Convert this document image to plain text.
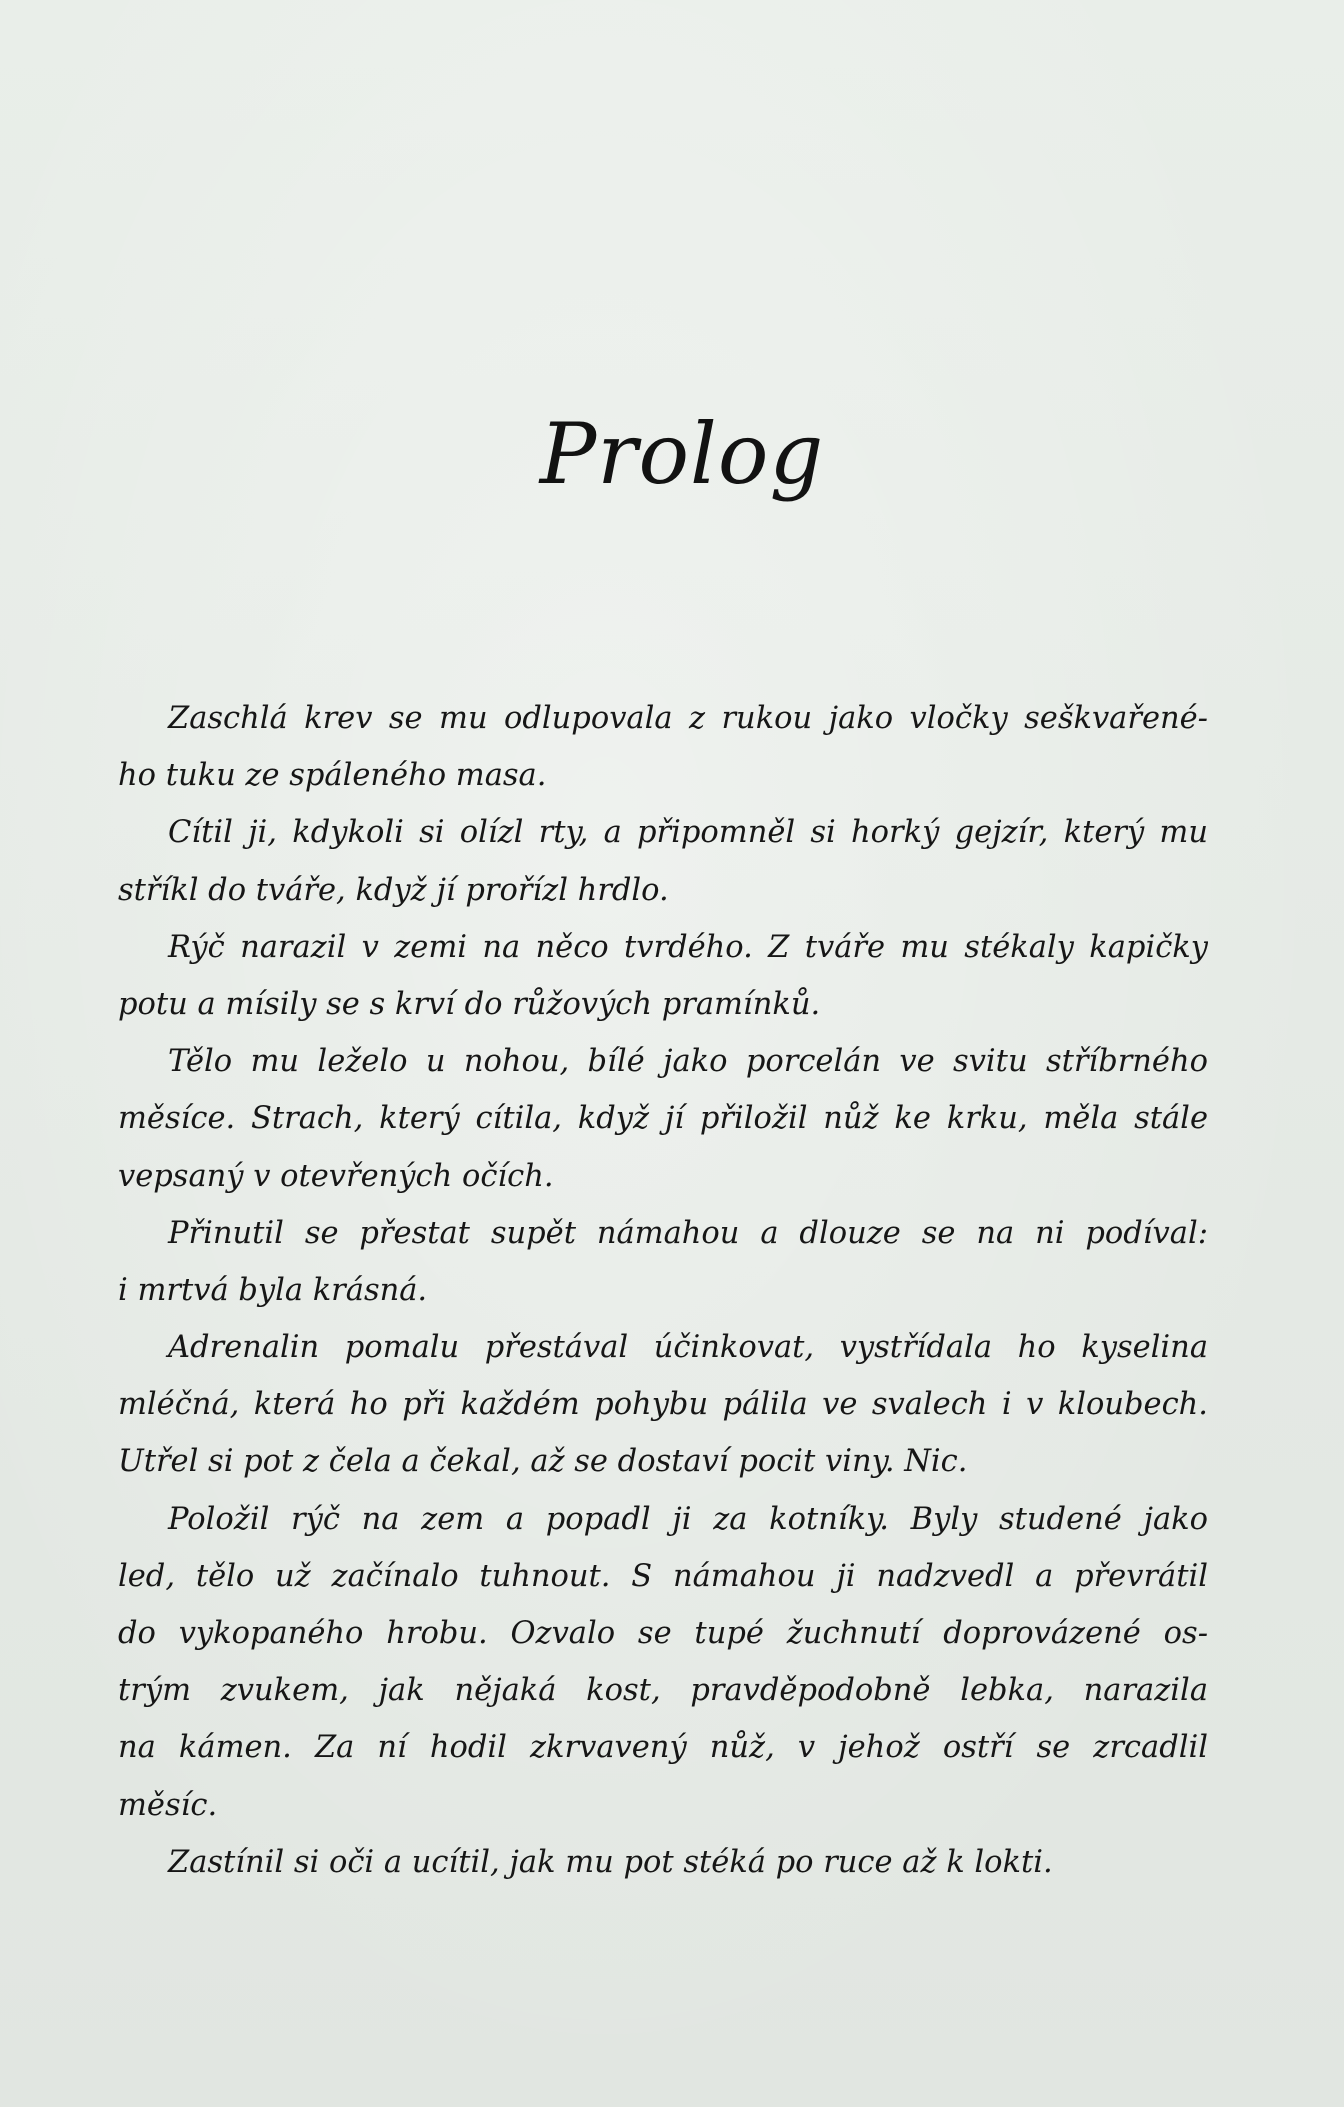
Prolog
Zaschlá krev se mu odlupovala z rukou jako vločky seškvařené-
ho tuku ze spáleného masa.
Cítil ji, kdykoli si olízl rty, a připomněl si horký gejzír, který mu
stříkl do tváře, když jí prořízl hrdlo.
Rýč narazil v zemi na něco tvrdého. Z tváře mu stékaly kapičky
potu a mísily se s krví do růžových pramínků.
Tělo mu leželo u nohou, bílé jako porcelán ve svitu stříbrného
měsíce. Strach, který cítila, když jí přiložil nůž ke krku, měla stále
vepsaný v otevřených očích.
Přinutil se přestat supět námahou a dlouze se na ni podíval:
i mrtvá byla krásná.
Adrenalin pomalu přestával účinkovat, vystřídala ho kyselina
mléčná, která ho při každém pohybu pálila ve svalech i v kloubech.
Utřel si pot z čela a čekal, až se dostaví pocit viny. Nic.
Položil rýč na zem a popadl ji za kotníky. Byly studené jako
led, tělo už začínalo tuhnout. S námahou ji nadzvedl a převrátil
do vykopaného hrobu. Ozvalo se tupé žuchnutí doprovázené os-
trým zvukem, jak nějaká kost, pravděpodobně lebka, narazila
na kámen. Za ní hodil zkrvavený nůž, v jehož ostří se zrcadlil
měsíc.
Zastínil si oči a ucítil, jak mu pot stéká po ruce až k lokti.
